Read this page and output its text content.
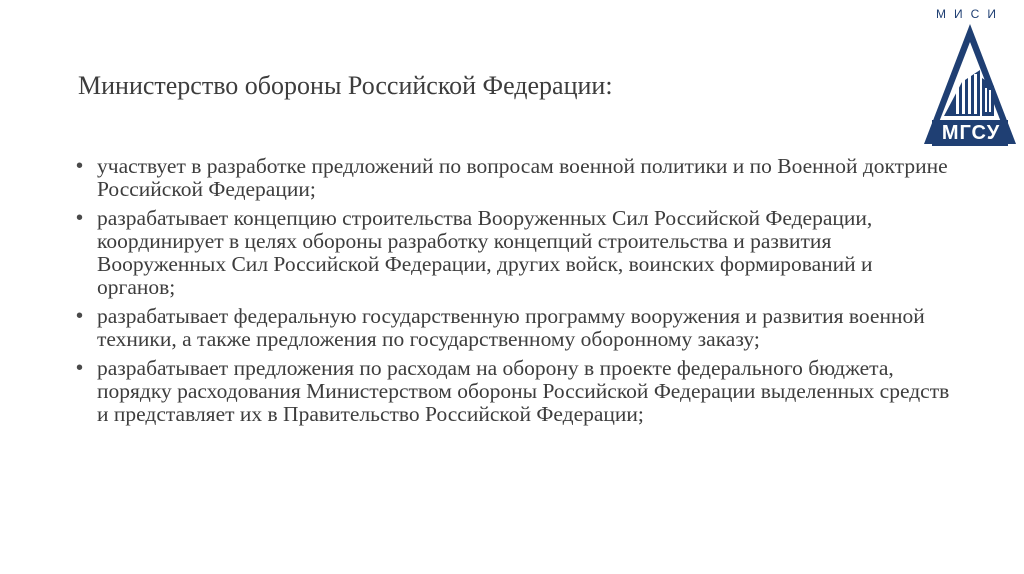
Министерство обороны Российской Федерации:
• участвует в разработке предложений по вопросам военной политики и по Военной доктрине Российской Федерации;
• разрабатывает концепцию строительства Вооруженных Сил Российской Федерации, координирует в целях обороны разработку концепций строительства и развития Вооруженных Сил Российской Федерации, других войск, воинских формирований и органов;
• разрабатывает федеральную государственную программу вооружения и развития военной техники, а также предложения по государственному оборонному заказу;
• разрабатывает предложения по расходам на оборону в проекте федерального бюджета, порядку расходования Министерством обороны Российской Федерации выделенных средств и представляет их в Правительство Российской Федерации;
МИСИ
МГСУ
